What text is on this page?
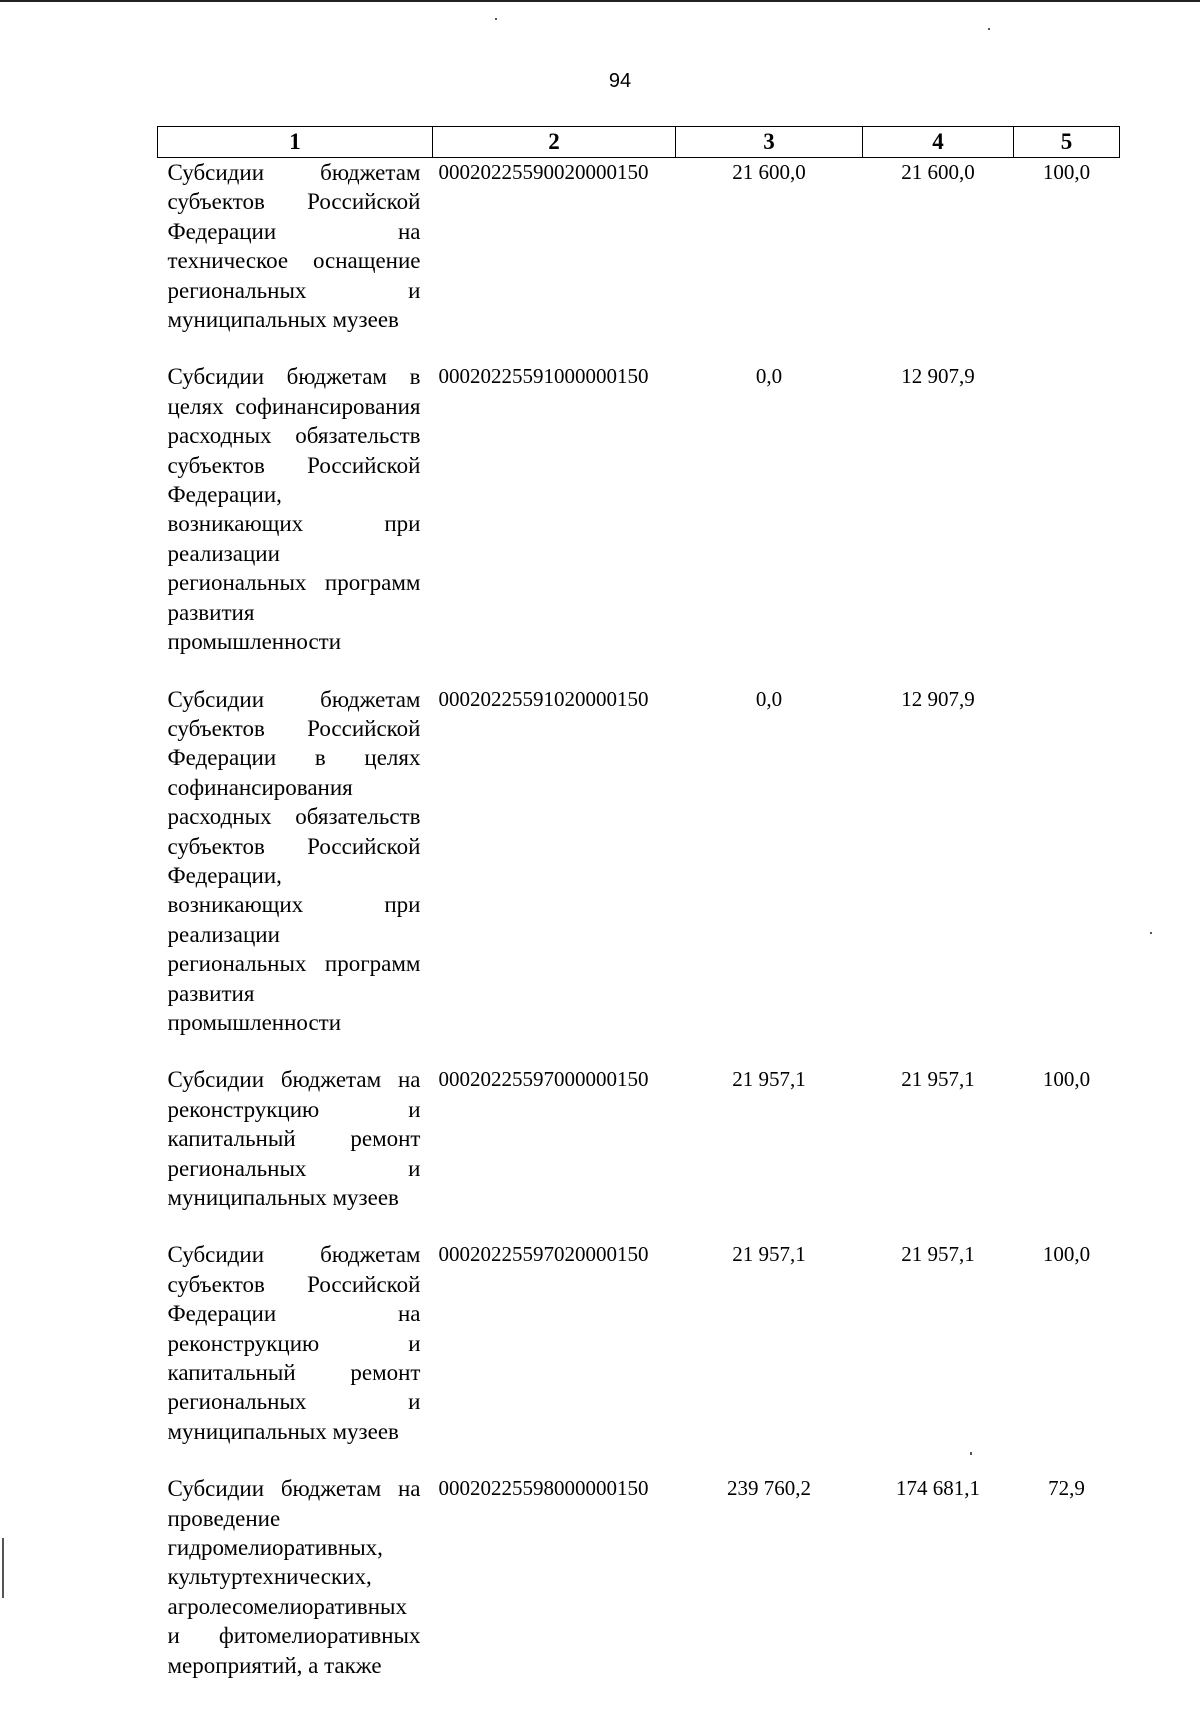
94
1	2	3	4	5
Субсидии бюджетам субъектов Российской Федерации на техническое оснащение региональных и муниципальных музеев	00020225590020000150	21 600,0	21 600,0	100,0
Субсидии бюджетам в целях софинансирования расходных обязательств субъектов Российской Федерации, возникающих при реализации региональных программ развития промышленности	00020225591000000150	0,0	12 907,9	
Субсидии бюджетам субъектов Российской Федерации в целях софинансирования расходных обязательств субъектов Российской Федерации, возникающих при реализации региональных программ развития промышленности	00020225591020000150	0,0	12 907,9	
Субсидии бюджетам на реконструкцию и капитальный ремонт региональных и муниципальных музеев	00020225597000000150	21 957,1	21 957,1	100,0
Субсидии бюджетам субъектов Российской Федерации на реконструкцию и капитальный ремонт региональных и муниципальных музеев	00020225597020000150	21 957,1	21 957,1	100,0
Субсидии бюджетам на проведение гидромелиоративных, культуртехнических, агролесомелиоративных и фитомелиоративных мероприятий, а также	00020225598000000150	239 760,2	174 681,1	72,9
